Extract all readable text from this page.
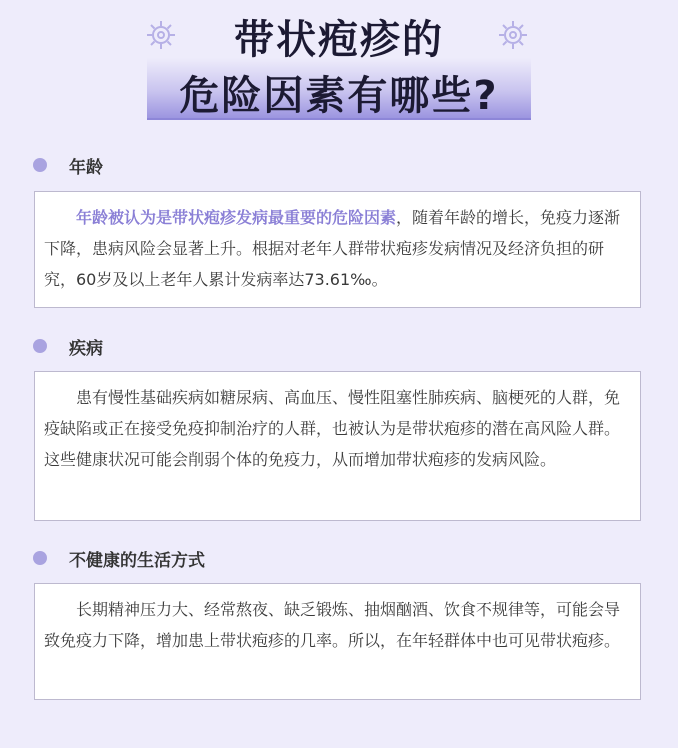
带状疱疹的
危险因素有哪些?
年龄

年龄被认为是带状疱疹发病最重要的危险因素，随着年龄的增长，免疫力逐渐下降，患病风险会显著上升。根据对老年人群带状疱疹发病情况及经济负担的研究，60岁及以上老年人累计发病率达73.61‰。

疾病

患有慢性基础疾病如糖尿病、高血压、慢性阻塞性肺疾病、脑梗死的人群，免疫缺陷或正在接受免疫抑制治疗的人群，也被认为是带状疱疹的潜在高风险人群。这些健康状况可能会削弱个体的免疫力，从而增加带状疱疹的发病风险。

不健康的生活方式

长期精神压力大、经常熬夜、缺乏锻炼、抽烟酗酒、饮食不规律等，可能会导致免疫力下降，增加患上带状疱疹的几率。所以，在年轻群体中也可见带状疱疹。
